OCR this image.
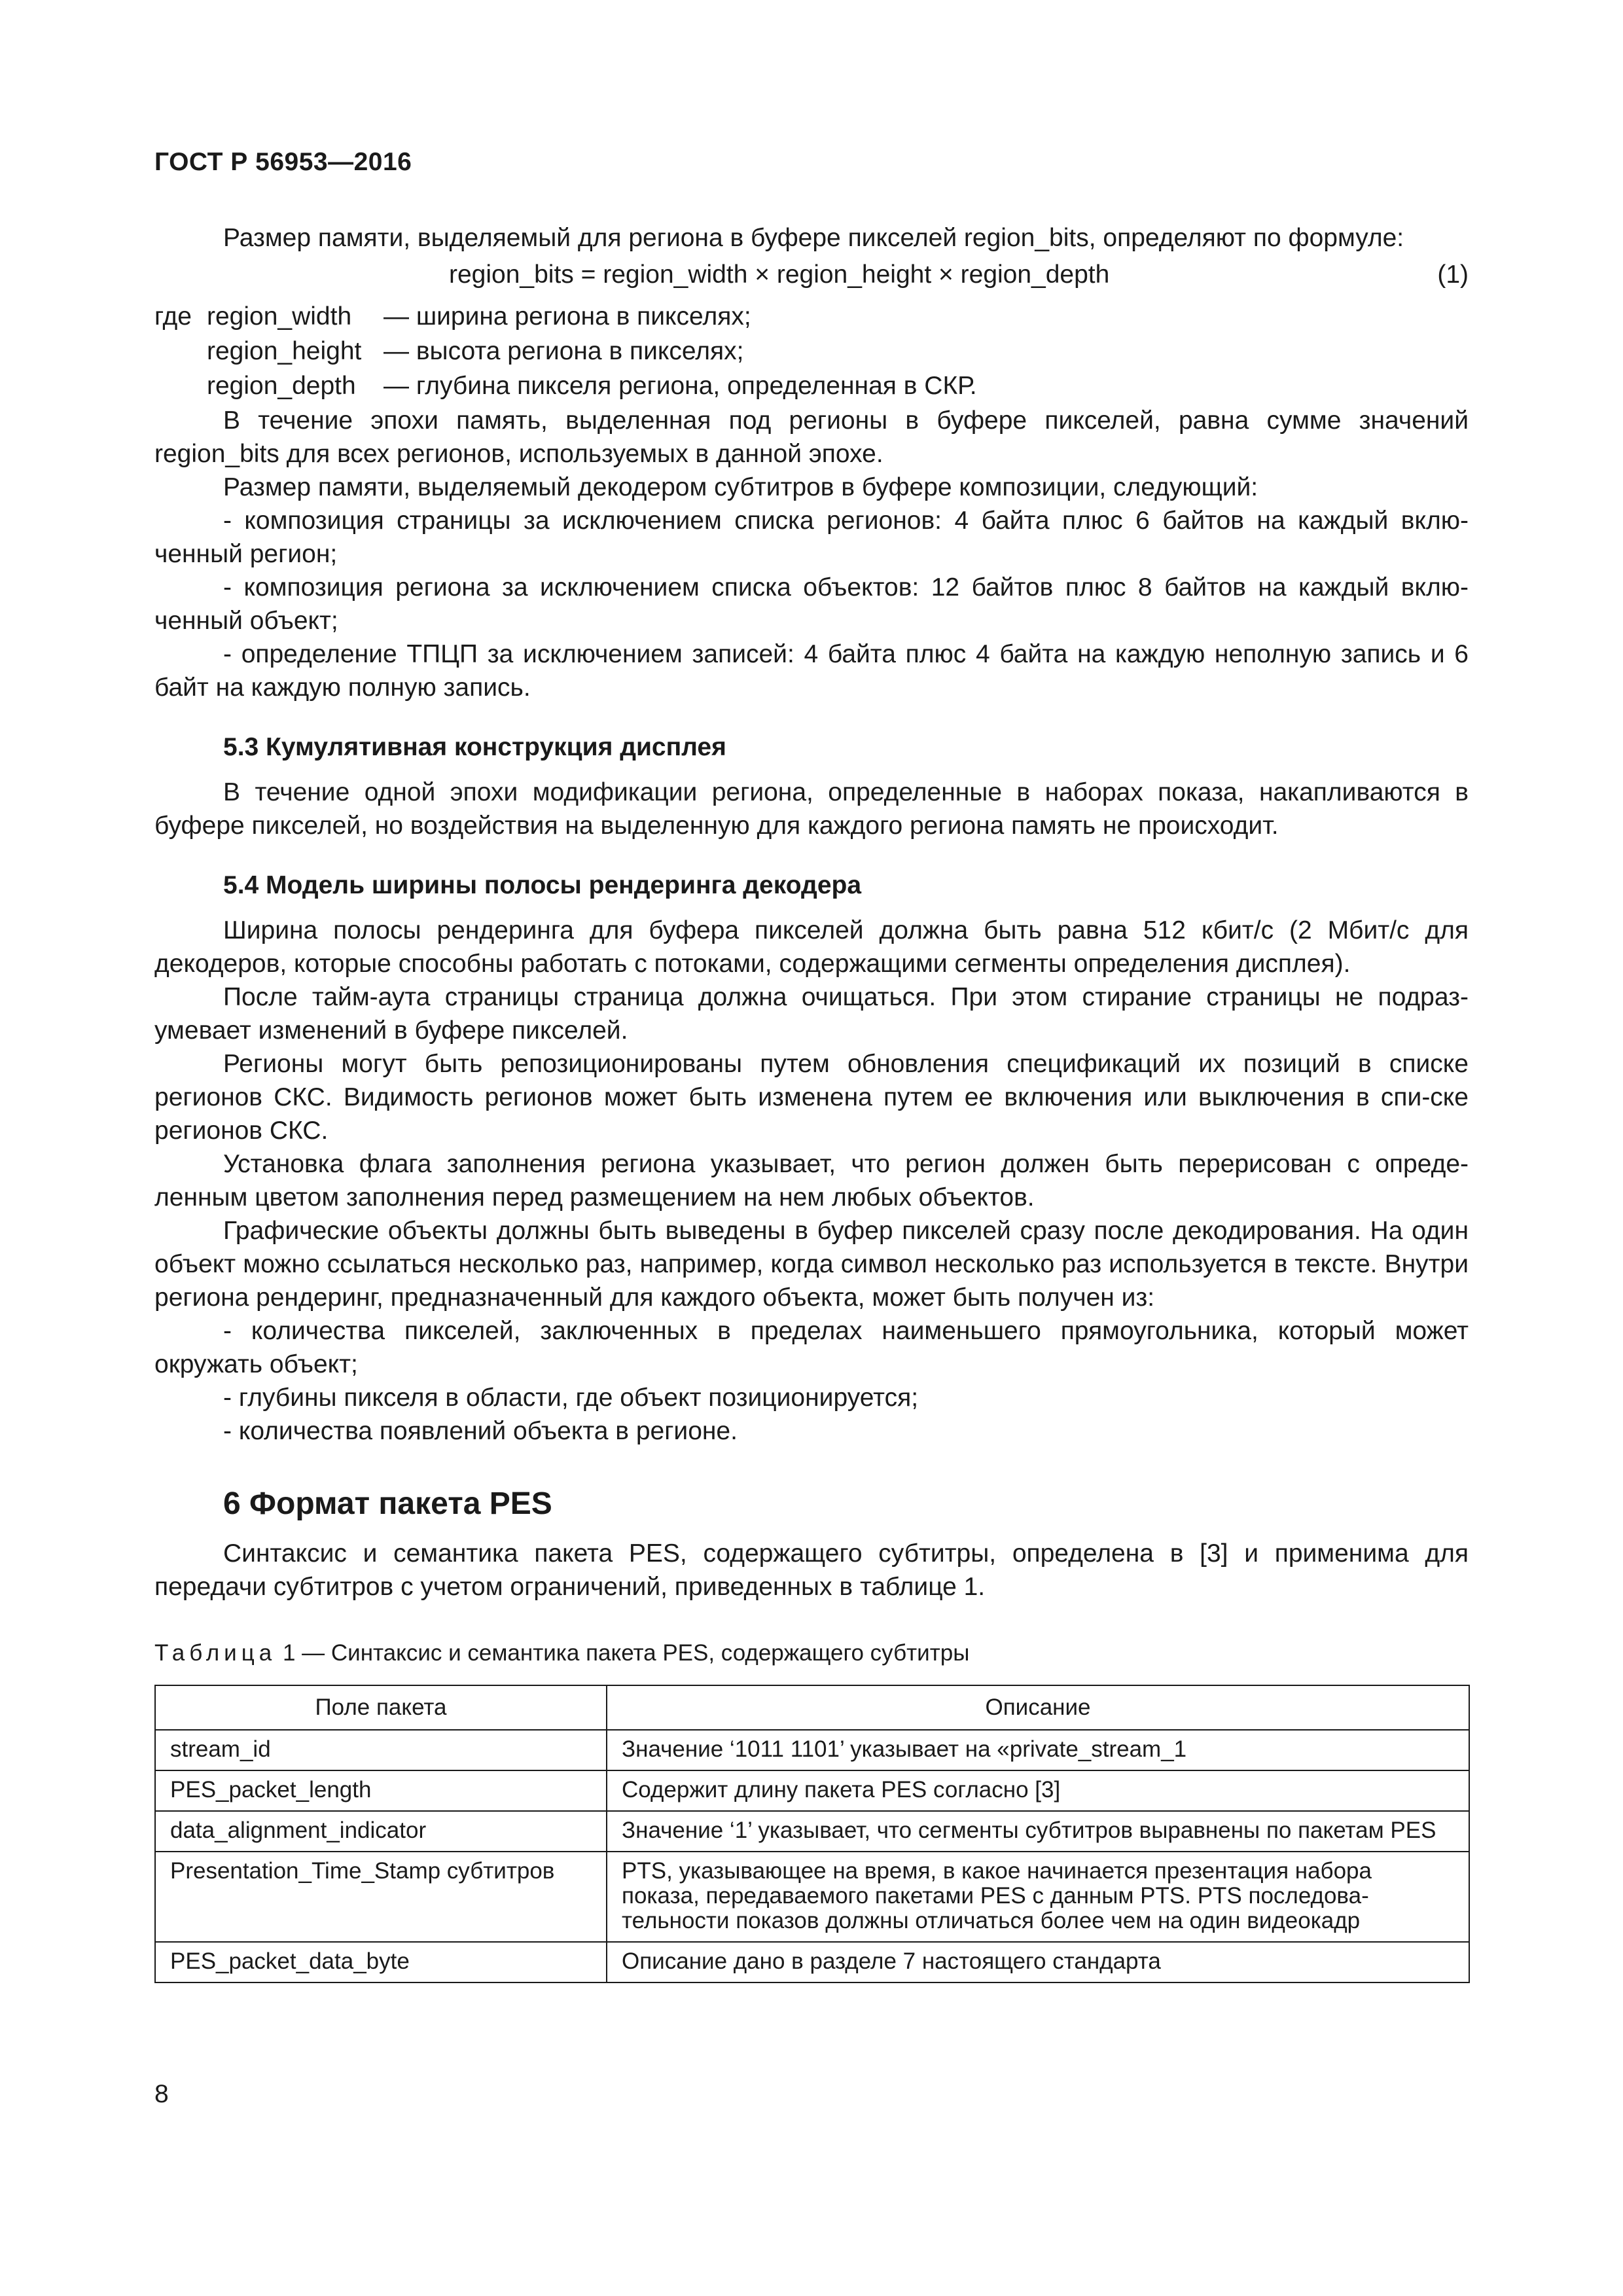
ГОСТ Р 56953—2016

Размер памяти, выделяемый для региона в буфере пикселей region_bits, определяют по формуле:

region_bits = region_width × region_height × region_depth	(1)
где region_width — ширина региона в пикселях;
region_height — высота региона в пикселях;
region_depth — глубина пикселя региона, определенная в СКР.

В течение эпохи память, выделенная под регионы в буфере пикселей, равна сумме значений region_bits для всех регионов, используемых в данной эпохе.

Размер памяти, выделяемый декодером субтитров в буфере композиции, следующий:

- композиция страницы за исключением списка регионов: 4 байта плюс 6 байтов на каждый вклю-ченный регион;

- композиция региона за исключением списка объектов: 12 байтов плюс 8 байтов на каждый вклю-ченный объект;

- определение ТПЦП за исключением записей: 4 байта плюс 4 байта на каждую неполную запись и 6 байт на каждую полную запись.

5.3 Кумулятивная конструкция дисплея

В течение одной эпохи модификации региона, определенные в наборах показа, накапливаются в буфере пикселей, но воздействия на выделенную для каждого региона память не происходит.

5.4 Модель ширины полосы рендеринга декодера

Ширина полосы рендеринга для буфера пикселей должна быть равна 512 кбит/с (2 Мбит/с для декодеров, которые способны работать с потоками, содержащими сегменты определения дисплея).

После тайм-аута страницы страница должна очищаться. При этом стирание страницы не подраз-умевает изменений в буфере пикселей.

Регионы могут быть репозиционированы путем обновления спецификаций их позиций в списке регионов СКС. Видимость регионов может быть изменена путем ее включения или выключения в спи-ске регионов СКС.

Установка флага заполнения региона указывает, что регион должен быть перерисован с опреде-ленным цветом заполнения перед размещением на нем любых объектов.

Графические объекты должны быть выведены в буфер пикселей сразу после декодирования. На один объект можно ссылаться несколько раз, например, когда символ несколько раз используется в тексте. Внутри региона рендеринг, предназначенный для каждого объекта, может быть получен из:

- количества пикселей, заключенных в пределах наименьшего прямоугольника, который может окружать объект;

- глубины пикселя в области, где объект позиционируется;

- количества появлений объекта в регионе.

6 Формат пакета PES

Синтаксис и семантика пакета PES, содержащего субтитры, определена в [3] и применима для передачи субтитров с учетом ограничений, приведенных в таблице 1.

Таблица 1 — Синтаксис и семантика пакета PES, содержащего субтитры

Поле пакета	Описание
stream_id	Значение ‘1011 1101’ указывает на «private_stream_1
PES_packet_length	Содержит длину пакета PES согласно [3]
data_alignment_indicator	Значение ‘1’ указывает, что сегменты субтитров выравнены по пакетам PES
Presentation_Time_Stamp субтитров	PTS, указывающее на время, в какое начинается презентация набора показа, передаваемого пакетами PES с данным PTS. PTS последова-тельности показов должны отличаться более чем на один видеокадр
PES_packet_data_byte	Описание дано в разделе 7 настоящего стандарта
8
